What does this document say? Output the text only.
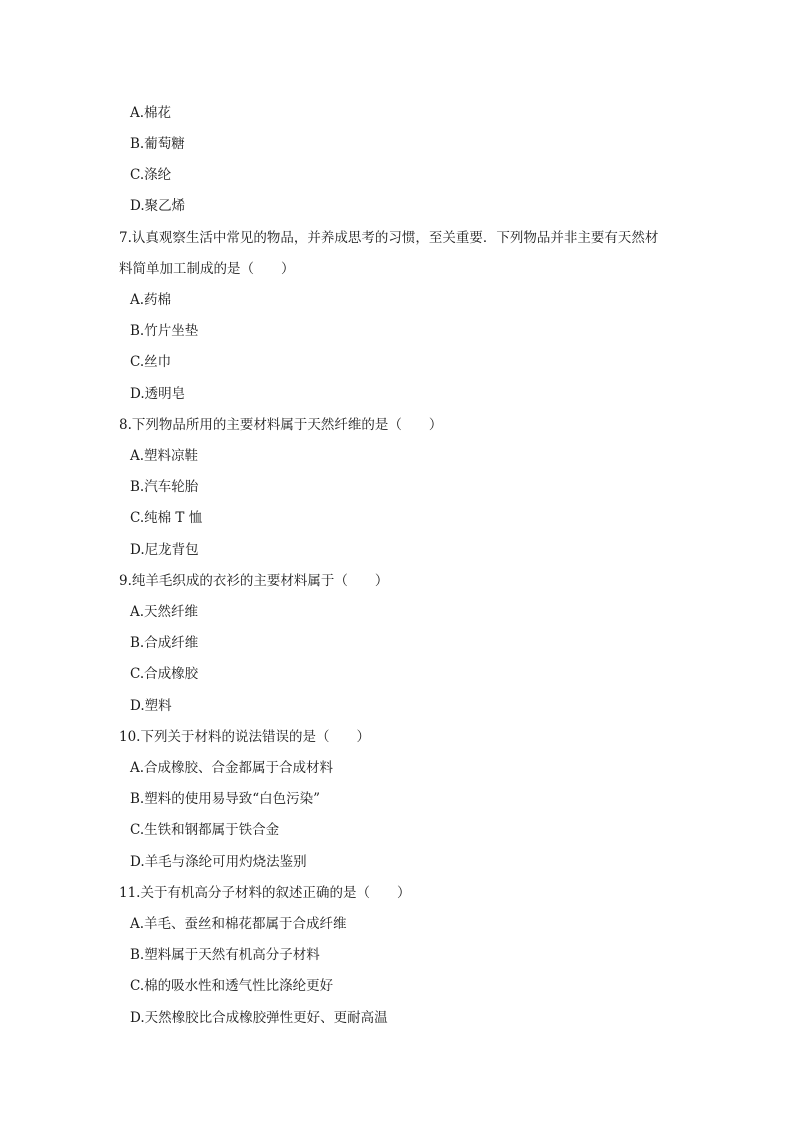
A.棉花
B.葡萄糖
C.涤纶
D.聚乙烯
7.认真观察生活中常见的物品，并养成思考的习惯，至关重要．下列物品并非主要有天然材
料简单加工制成的是（　　）
A.药棉
B.竹片坐垫
C.丝巾
D.透明皂
8.下列物品所用的主要材料属于天然纤维的是（　　）
A.塑料凉鞋
B.汽车轮胎
C.纯棉 T 恤
D.尼龙背包
9.纯羊毛织成的衣衫的主要材料属于（　　）
A.天然纤维
B.合成纤维
C.合成橡胶
D.塑料
10.下列关于材料的说法错误的是（　　）
A.合成橡胶、合金都属于合成材料
B.塑料的使用易导致“白色污染”
C.生铁和钢都属于铁合金
D.羊毛与涤纶可用灼烧法鉴别
11.关于有机高分子材料的叙述正确的是（　　）
A.羊毛、蚕丝和棉花都属于合成纤维
B.塑料属于天然有机高分子材料
C.棉的吸水性和透气性比涤纶更好
D.天然橡胶比合成橡胶弹性更好、更耐高温
